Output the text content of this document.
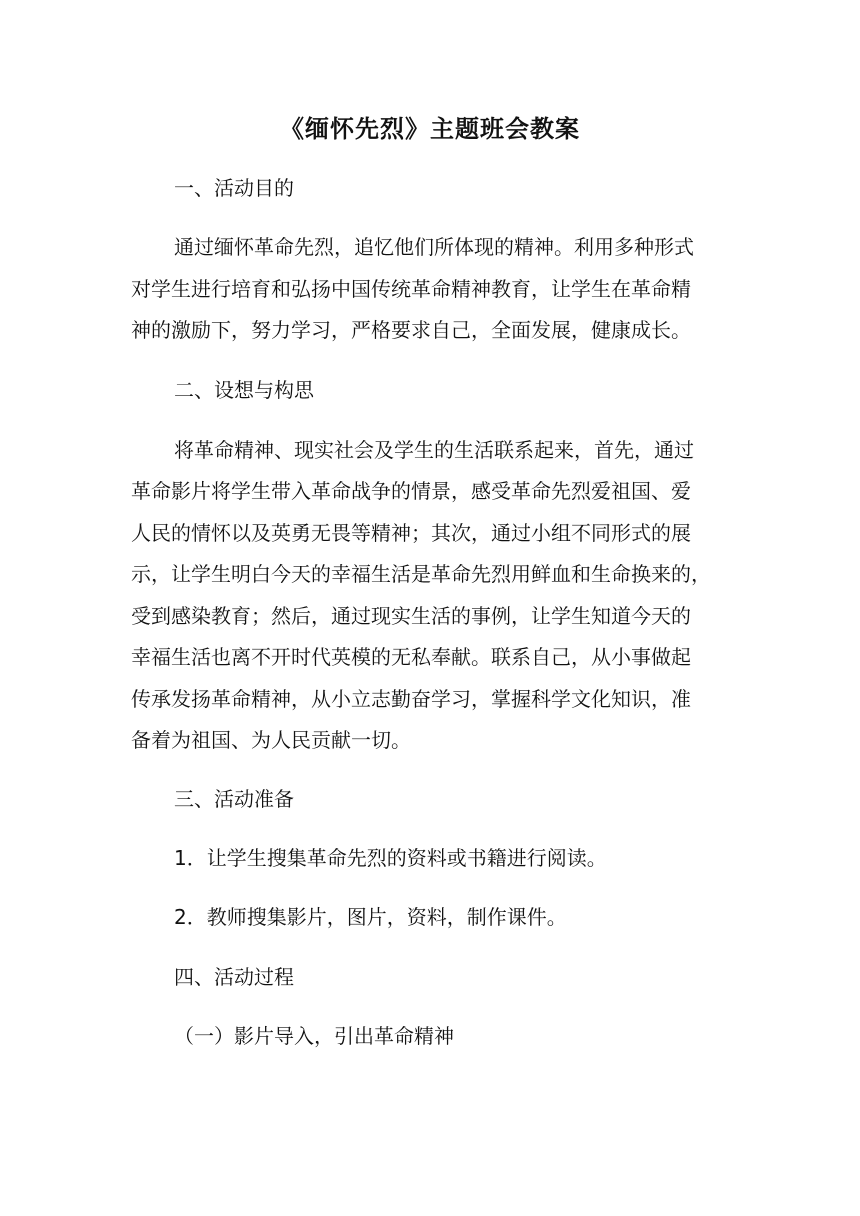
《缅怀先烈》主题班会教案
一、活动目的
通过缅怀革命先烈，追忆他们所体现的精神。利用多种形式
对学生进行培育和弘扬中国传统革命精神教育，让学生在革命精
神的激励下，努力学习，严格要求自己，全面发展，健康成长。
二、设想与构思
将革命精神、现实社会及学生的生活联系起来，首先，通过
革命影片将学生带入革命战争的情景，感受革命先烈爱祖国、爱
人民的情怀以及英勇无畏等精神；其次，通过小组不同形式的展
示，让学生明白今天的幸福生活是革命先烈用鲜血和生命换来的，
受到感染教育；然后，通过现实生活的事例，让学生知道今天的
幸福生活也离不开时代英模的无私奉献。联系自己，从小事做起
传承发扬革命精神，从小立志勤奋学习，掌握科学文化知识，准
备着为祖国、为人民贡献一切。
三、活动准备
1．让学生搜集革命先烈的资料或书籍进行阅读。
2．教师搜集影片，图片，资料，制作课件。
四、活动过程
（一）影片导入，引出革命精神
